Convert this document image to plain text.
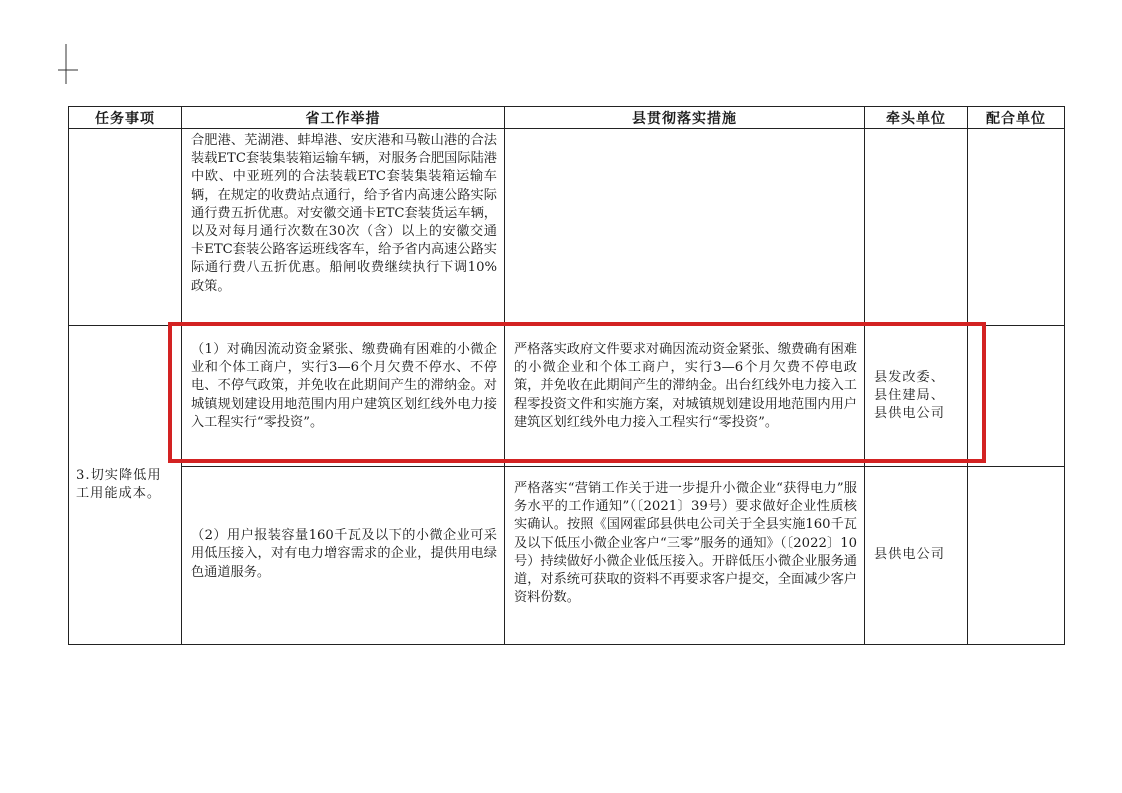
任务事项	省工作举措	县贯彻落实措施	牵头单位	配合单位

	合肥港、芜湖港、蚌埠港、安庆港和马鞍山港的合法装载ETC套装集装箱运输车辆，对服务合肥国际陆港中欧、中亚班列的合法装载ETC套装集装箱运输车辆，在规定的收费站点通行，给予省内高速公路实际通行费五折优惠。对安徽交通卡ETC套装货运车辆，以及对每月通行次数在30次（含）以上的安徽交通卡ETC套装公路客运班线客车，给予省内高速公路实际通行费八五折优惠。船闸收费继续执行下调10%政策。			

3.切实降低用工用能成本。	（1）对确因流动资金紧张、缴费确有困难的小微企业和个体工商户，实行3—6个月欠费不停水、不停电、不停气政策，并免收在此期间产生的滞纳金。对城镇规划建设用地范围内用户建筑区划红线外电力接入工程实行“零投资”。	严格落实政府文件要求对确因流动资金紧张、缴费确有困难的小微企业和个体工商户，实行3—6个月欠费不停电政策，并免收在此期间产生的滞纳金。出台红线外电力接入工程零投资文件和实施方案，对城镇规划建设用地范围内用户建筑区划红线外电力接入工程实行“零投资”。	县发改委、县住建局、县供电公司	

	（2）用户报装容量160千瓦及以下的小微企业可采用低压接入，对有电力增容需求的企业，提供用电绿色通道服务。	严格落实“营销工作关于进一步提升小微企业“获得电力”服务水平的工作通知”（〔2021〕39号）要求做好企业性质核实确认。按照《国网霍邱县供电公司关于全县实施160千瓦及以下低压小微企业客户“三零”服务的通知》（〔2022〕10号）持续做好小微企业低压接入。开辟低压小微企业服务通道，对系统可获取的资料不再要求客户提交，全面减少客户资料份数。	县供电公司	
